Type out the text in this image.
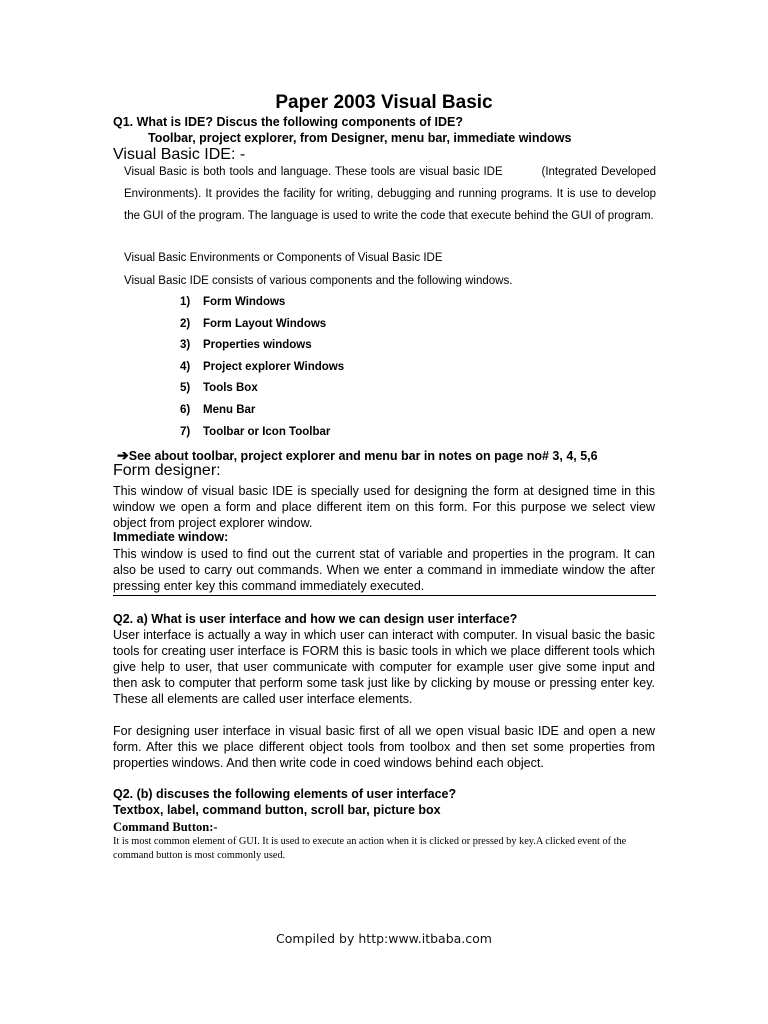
Paper 2003 Visual Basic
Q1. What is IDE? Discus the following components of IDE?
Toolbar, project explorer, from Designer, menu bar, immediate windows
Visual Basic IDE: -
Visual Basic is both tools and language. These tools are visual basic IDE          (Integrated Developed Environments). It provides the facility for writing, debugging and running programs. It is use to develop the GUI of the program. The language is used to write the code that execute behind the GUI of program.
Visual Basic Environments or Components of Visual Basic IDE
Visual Basic IDE consists of various components and the following windows.
1) Form Windows
2) Form Layout Windows
3) Properties windows
4) Project explorer Windows
5) Tools Box
6) Menu Bar
7) Toolbar or Icon Toolbar
➔See about toolbar, project explorer and menu bar in notes on page no# 3, 4, 5,6
Form designer:
This window of visual basic IDE is specially used for designing the form at designed time in this window we open a form and place different item on this form. For this purpose we select view object from project explorer window.
Immediate window:
This window is used to find out the current stat of variable and properties in the program. It can also be used to carry out commands. When we enter a command in immediate window the after pressing enter key this command immediately executed.
Q2. a) What is user interface and how we can design user interface?
User interface is actually a way in which user can interact with computer. In visual basic the basic tools for creating user interface is FORM this is basic tools in which we place different tools which give help to user, that user communicate with computer for example user give some input and then ask to computer that perform some task just like by clicking by mouse or pressing enter key. These all elements are called user interface elements.
For designing user interface in visual basic first of all we open visual basic IDE and open a new form. After this we place different object tools from toolbox and then set some properties from properties windows. And then write code in coed windows behind each object.
Q2. (b) discuses the following elements of user interface?
Textbox, label, command button, scroll bar, picture box
Command Button:-
It is most common element of GUI. It is used to execute an action when it is clicked or pressed by key.A clicked event of the command button is most commonly used.
Compiled by http:www.itbaba.com
